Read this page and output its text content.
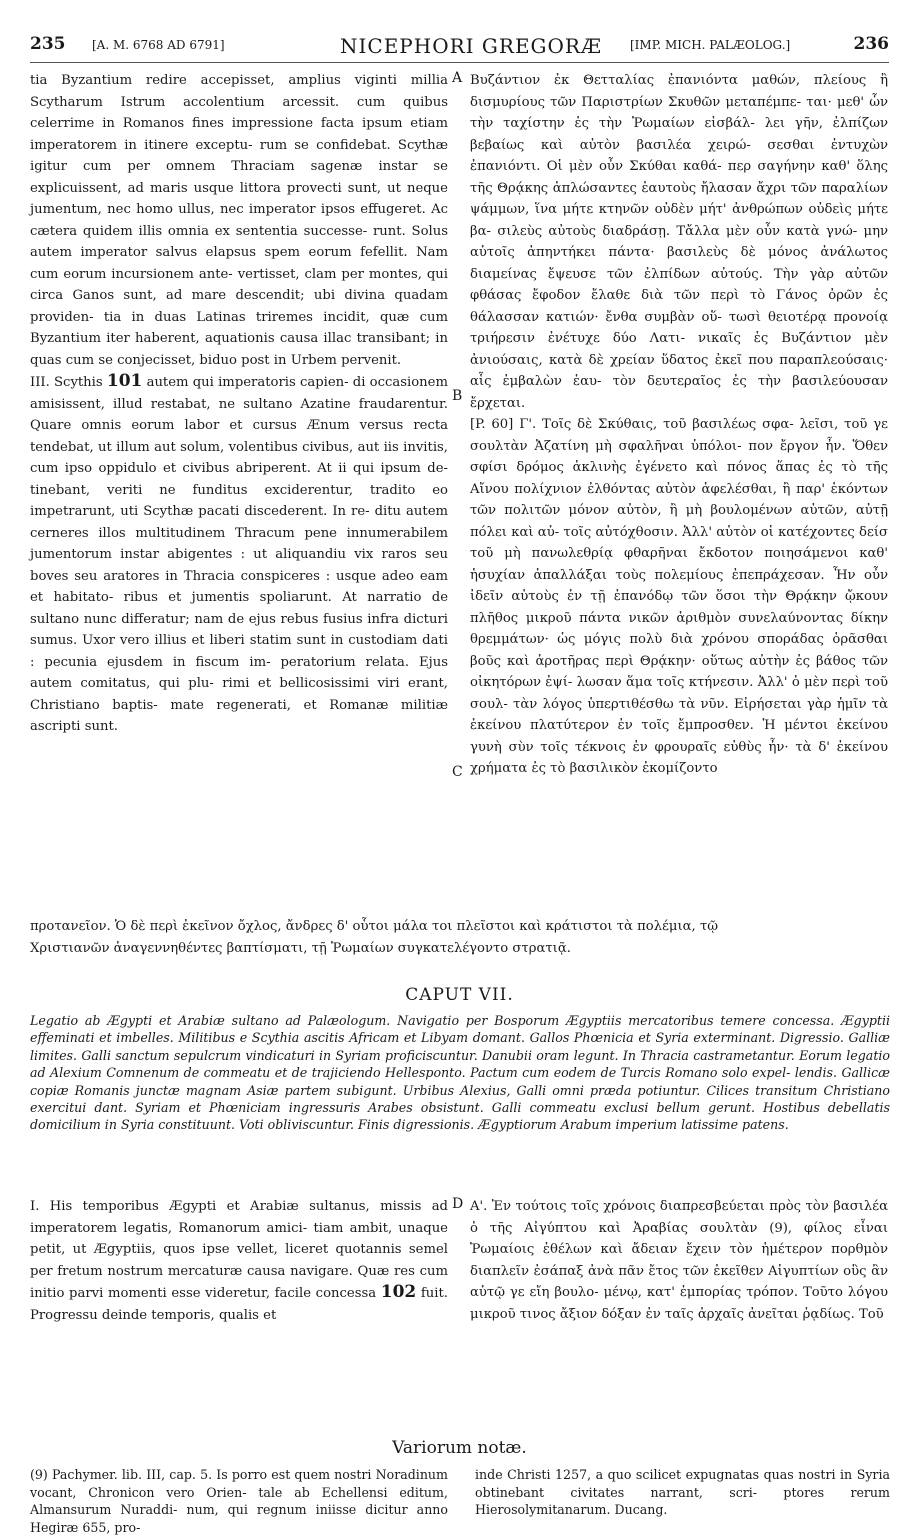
235 [A. M. 6768 AD 6791]	NICEPHORI GREGORÆ [IMP. MICH. PALÆOLOG.]	236

tia Byzantium redire accepisset, amplius viginti millia Scytharum Istrum accolentium arcessit. cum quibus celerrime in Romanos fines impressione facta ipsum etiam imperatorem in itinere exceptu- rum se confidebat. Scythæ igitur cum per omnem Thraciam sagenæ instar se explicuissent, ad maris usque littora provecti sunt, ut neque jumentum, nec homo ullus, nec imperator ipsos effugeret. Ac cætera quidem illis omnia ex sententia successe- runt. Solus autem imperator salvus elapsus spem eorum fefellit. Nam cum eorum incursionem ante- vertisset, clam per montes, qui circa Ganos sunt, ad mare descendit; ubi divina quadam providen- tia in duas Latinas triremes incidit, quæ cum Byzantium iter haberent, aquationis causa illac transibant; in quas cum se conjecisset, biduo post in Urbem pervenit.

III. Scythis 101 autem qui imperatoris capien- di occasionem amisissent, illud restabat, ne sultano Azatine fraudarentur. Quare omnis eorum labor et cursus Ænum versus recta tendebat, ut illum aut solum, volentibus civibus, aut iis invitis, cum ipso oppidulo et civibus abriperent. At ii qui ipsum de- tinebant, veriti ne funditus exciderentur, tradito eo impetrarunt, uti Scythæ pacati discederent. In re- ditu autem cerneres illos multitudinem Thracum pene innumerabilem jumentorum instar abigentes : ut aliquandiu vix raros seu boves seu aratores in Thracia conspiceres : usque adeo eam et habitato- ribus et jumentis spoliarunt. At narratio de sultano nunc differatur; nam de ejus rebus fusius infra dicturi sumus. Uxor vero illius et liberi statim sunt in custodiam dati : pecunia ejusdem in fiscum im- peratorium relata. Ejus autem comitatus, qui plu- rimi et bellicosissimi viri erant, Christiano baptis- mate regenerati, et Romanæ militiæ ascripti sunt.

A
B
C

Βυζάντιον ἐκ Θετταλίας ἐπανιόντα μαθών, πλείους ἢ δισμυρίους τῶν Παριστρίων Σκυθῶν μεταπέμπε- ται· μεθ' ὧν τὴν ταχίστην ἐς τὴν Ῥωμαίων εἰσβάλ- λει γῆν, ἐλπίζων βεβαίως καὶ αὐτὸν βασιλέα χειρώ- σεσθαι ἐντυχὼν ἐπανιόντι. Οἱ μὲν οὖν Σκύθαι καθά- περ σαγήνην καθ' ὅλης τῆς Θρᾴκης ἁπλώσαντες ἑαυτοὺς ἤλασαν ἄχρι τῶν παραλίων ψάμμων, ἵνα μήτε κτηνῶν οὐδὲν μήτ' ἀνθρώπων οὐδεὶς μήτε βα- σιλεὺς αὐτοὺς διαδράσῃ. Τἄλλα μὲν οὖν κατὰ γνώ- μην αὐτοῖς ἀπηντήκει πάντα· βασιλεὺς δὲ μόνος ἀνάλωτος διαμείνας ἔψευσε τῶν ἐλπίδων αὐτούς. Τὴν γὰρ αὐτῶν φθάσας ἔφοδον ἔλαθε διὰ τῶν περὶ τὸ Γάνος ὀρῶν ἐς θάλασσαν κατιών· ἔνθα συμβὰν οὕ- τωσὶ θειοτέρᾳ προνοίᾳ τριήρεσιν ἐνέτυχε δύο Λατι- νικαῖς ἐς Βυζάντιον μὲν ἀνιούσαις, κατὰ δὲ χρείαν ὕδατος ἐκεῖ που παραπλεούσαις· αἷς ἐμβαλὼν ἑαυ- τὸν δευτεραῖος ἐς τὴν βασιλεύουσαν ἔρχεται.

[P. 60] Γ'. Τοῖς δὲ Σκύθαις, τοῦ βασιλέως σφα- λεῖσι, τοῦ γε σουλτὰν Ἀζατίνη μὴ σφαλῆναι ὑπόλοι- πον ἔργον ἦν. Ὅθεν σφίσι δρόμος ἀκλινὴς ἐγένετο καὶ πόνος ἅπας ἐς τὸ τῆς Αἴνου πολίχνιον ἐλθόντας αὐτὸν ἀφελέσθαι, ἢ παρ' ἑκόντων τῶν πολιτῶν μόνον αὐτὸν, ἢ μὴ βουλομένων αὐτῶν, αὐτῇ πόλει καὶ αὐ- τοῖς αὐτόχθοσιν. Ἀλλ' αὐτὸν οἱ κατέχοντες δείσ τοῦ μὴ πανωλεθρίᾳ φθαρῆναι ἔκδοτον ποιησάμενοι καθ' ἡσυχίαν ἀπαλλάξαι τοὺς πολεμίους ἐπεπράχεσαν. Ἦν οὖν ἰδεῖν αὐτοὺς ἐν τῇ ἐπανόδῳ τῶν ὅσοι τὴν Θρᾴκην ᾤκουν πλῆθος μικροῦ πάντα νικῶν ἀριθμὸν συνελαύνοντας δίκην θρεμμάτων· ὡς μόγις πολὺ διὰ χρόνου σποράδας ὁρᾶσθαι βοῦς καὶ ἀροτῆρας περὶ Θρᾴκην· οὕτως αὐτὴν ἐς βάθος τῶν οἰκητόρων ἐψί- λωσαν ἅμα τοῖς κτήνεσιν. Ἀλλ' ὁ μὲν περὶ τοῦ σουλ- τὰν λόγος ὑπερτιθέσθω τὰ νῦν. Εἰρήσεται γὰρ ἡμῖν τὰ ἐκείνου πλατύτερον ἐν τοῖς ἔμπροσθεν. Ἡ μέντοι ἐκείνου γυνὴ σὺν τοῖς τέκνοις ἐν φρουραῖς εὐθὺς ἦν· τὰ δ' ἐκείνου χρήματα ἐς τὸ βασιλικὸν ἐκομίζοντο

προτανεῖον. Ὁ δὲ περὶ ἐκεῖνον ὄχλος, ἄνδρες δ' οὗτοι μάλα τοι πλεῖστοι καὶ κράτιστοι τὰ πολέμια, τῷ
Χριστιανῶν ἀναγεννηθέντες βαπτίσματι, τῇ Ῥωμαίων συγκατελέγοντο στρατιᾷ.
CAPUT VII.
Legatio ab Ægypti et Arabiæ sultano ad Palæologum. Navigatio per Bosporum Ægyptiis mercatoribus temere concessa. Ægyptii effeminati et imbelles. Militibus e Scythia ascitis Africam et Libyam domant. Gallos Phœnicia et Syria exterminant. Digressio. Galliæ limites. Galli sanctum sepulcrum vindicaturi in Syriam proficiscuntur. Danubii oram legunt. In Thracia castrametantur. Eorum legatio ad Alexium Comnenum de commeatu et de trajiciendo Hellesponto. Pactum cum eodem de Turcis Romano solo expel- lendis. Gallicæ copiæ Romanis junctæ magnam Asiæ partem subigunt. Urbibus Alexius, Galli omni præda potiuntur. Cilices transitum Christiano exercitui dant. Syriam et Phœniciam ingressuris Arabes obsistunt. Galli commeatu exclusi bellum gerunt. Hostibus debellatis domicilium in Syria constituunt. Voti obliviscuntur. Finis digressionis. Ægyptiorum Arabum imperium latissime patens.

I. His temporibus Ægypti et Arabiæ sultanus, missis ad imperatorem legatis, Romanorum amici- tiam ambit, unaque petit, ut Ægyptiis, quos ipse vellet, liceret quotannis semel per fretum nostrum mercaturæ causa navigare. Quæ res cum initio parvi momenti esse videretur, facile concessa 102 fuit. Progressu deinde temporis, qualis et

D Α'. Ἐν τούτοις τοῖς χρόνοις διαπρεσβεύεται πρὸς τὸν βασιλέα ὁ τῆς Αἰγύπτου καὶ Ἀραβίας σουλτὰν (9), φίλος εἶναι Ῥωμαίοις ἐθέλων καὶ ἄδειαν ἔχειν τὸν ἡμέτερον πορθμὸν διαπλεῖν ἐσάπαξ ἀνὰ πᾶν ἔτος τῶν ἐκεῖθεν Αἰγυπτίων οὓς ἂν αὐτῷ γε εἴη βουλο- μένῳ, κατ' ἐμπορίας τρόπον. Τοῦτο λόγου μικροῦ τινος ἄξιον δόξαν ἐν ταῖς ἀρχαῖς ἀνεῖται ῥᾳδίως. Τοῦ

Variorum notæ.
(9) Pachymer. lib. III, cap. 5. Is porro est quem nostri Noradinum vocant, Chronicon vero Orien- tale ab Echellensi editum, Almansurum Nuraddi- num, qui regnum iniisse dicitur anno Hegiræ 655, pro-
inde Christi 1257, a quo scilicet expugnatas quas nostri in Syria obtinebant civitates narrant, scri- ptores rerum Hierosolymitanarum. Ducang.
